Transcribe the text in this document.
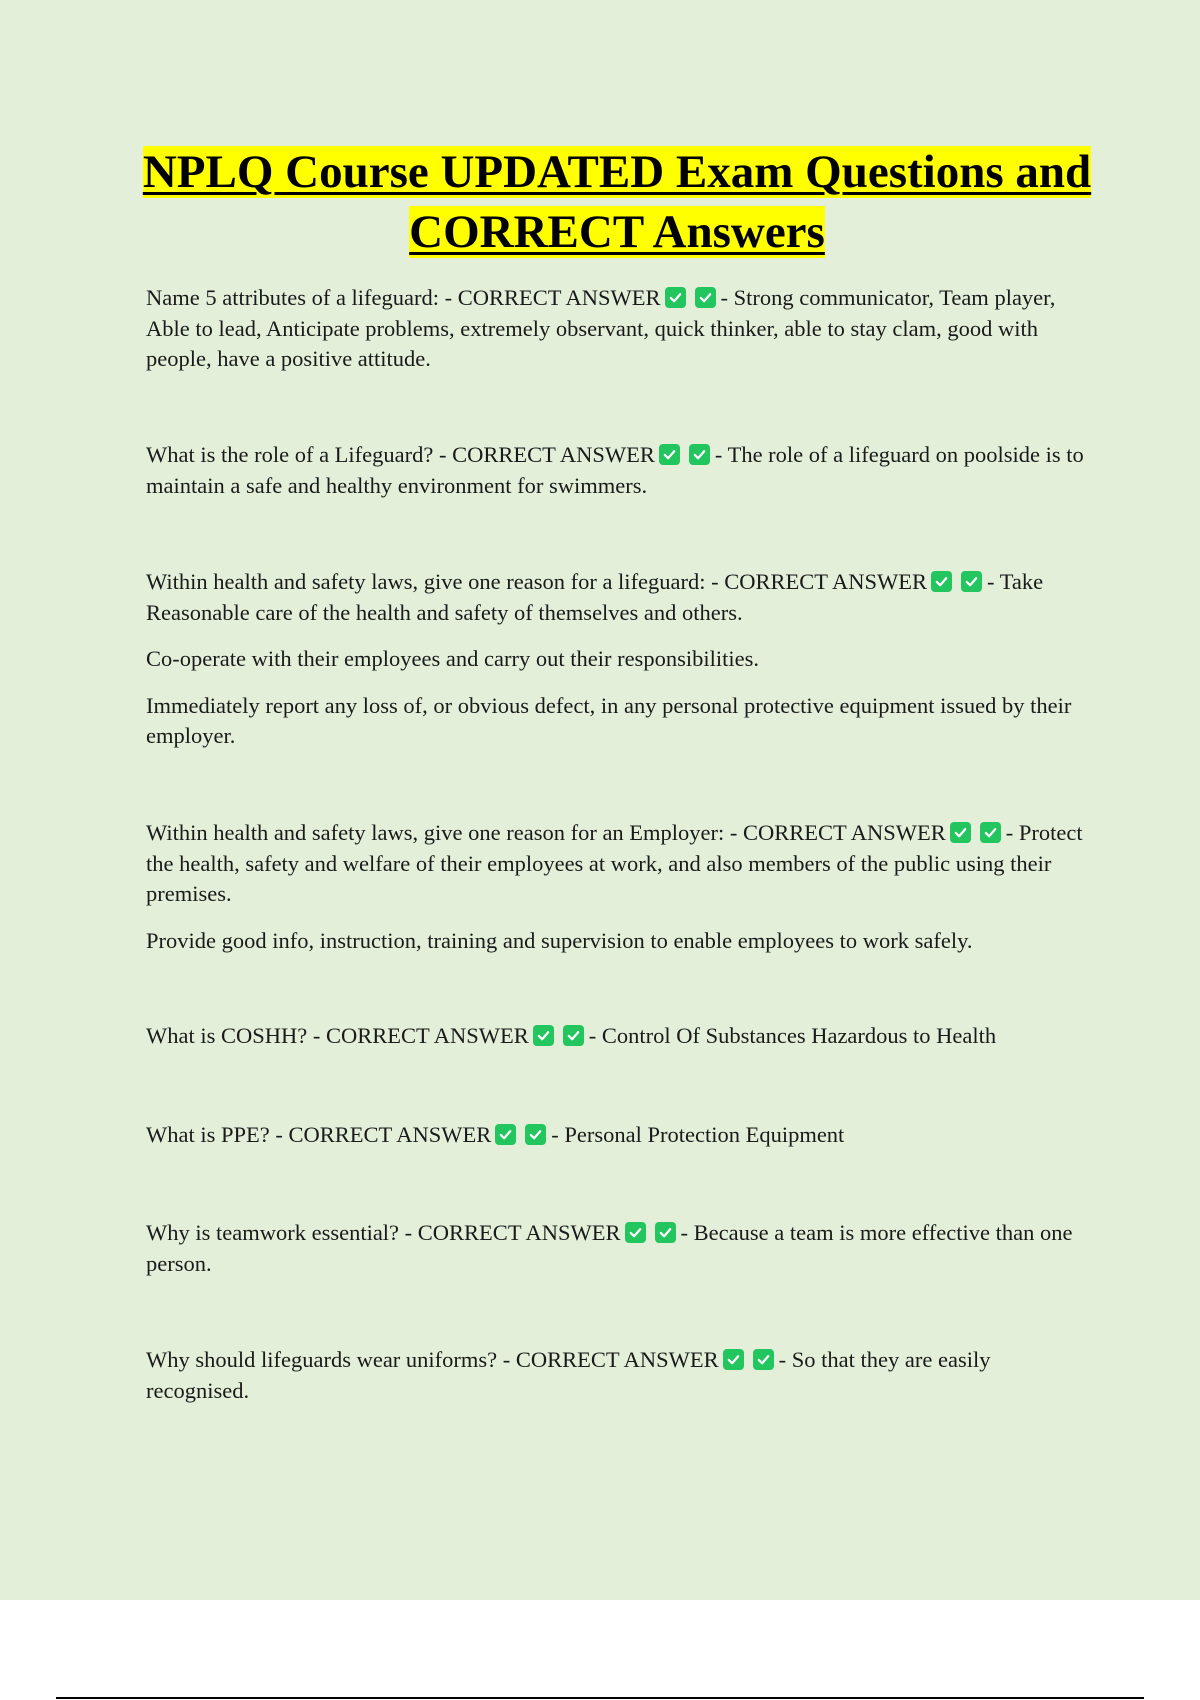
NPLQ Course UPDATED Exam Questions and CORRECT Answers

Name 5 attributes of a lifeguard: - CORRECT ANSWER	- Strong communicator, Team player, Able to lead, Anticipate problems, extremely observant, quick thinker, able to stay clam, good with people, have a positive attitude.

What is the role of a Lifeguard? - CORRECT ANSWER	- The role of a lifeguard on poolside is to maintain a safe and healthy environment for swimmers.

Within health and safety laws, give one reason for a lifeguard: - CORRECT ANSWER	- Take Reasonable care of the health and safety of themselves and others.

Co-operate with their employees and carry out their responsibilities.

Immediately report any loss of, or obvious defect, in any personal protective equipment issued by their employer.

Within health and safety laws, give one reason for an Employer: - CORRECT ANSWER	- Protect the health, safety and welfare of their employees at work, and also members of the public using their premises.

Provide good info, instruction, training and supervision to enable employees to work safely.

What is COSHH? - CORRECT ANSWER	- Control Of Substances Hazardous to Health

What is PPE? - CORRECT ANSWER	- Personal Protection Equipment

Why is teamwork essential? - CORRECT ANSWER	- Because a team is more effective than one person.

Why should lifeguards wear uniforms? - CORRECT ANSWER	- So that they are easily recognised.
